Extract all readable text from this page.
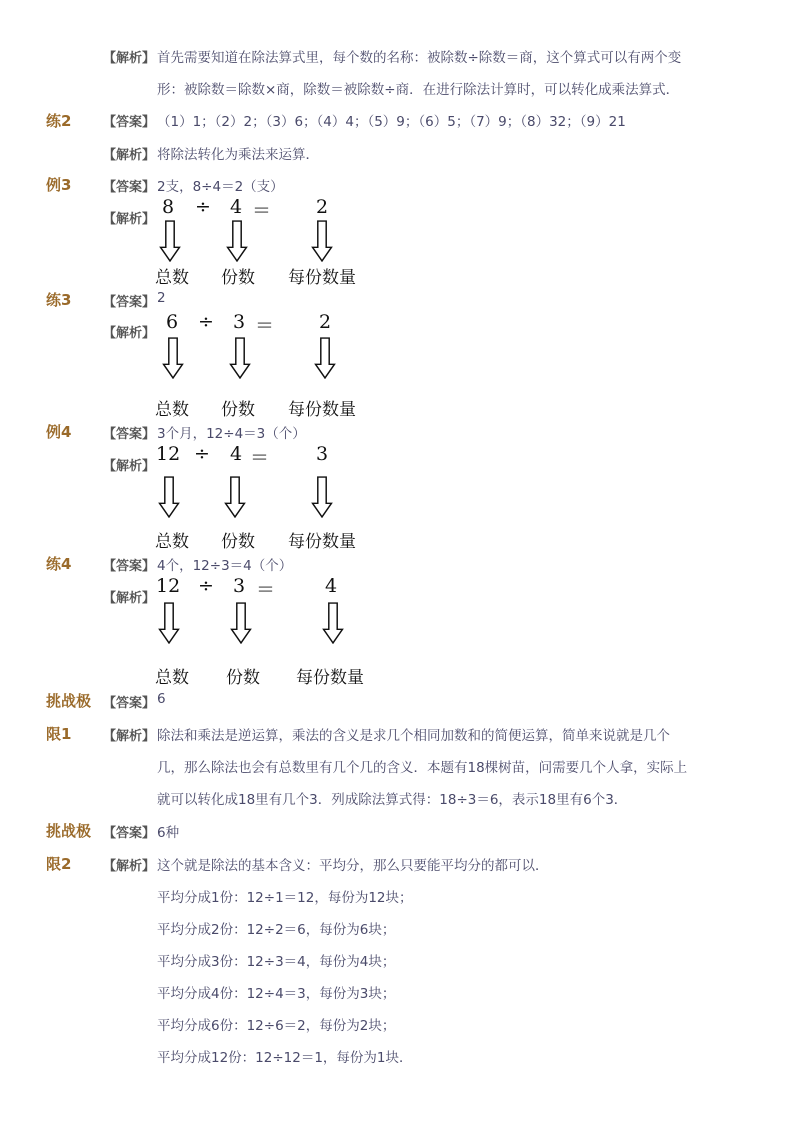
【解析】 首先需要知道在除法算式里，每个数的名称：被除数÷除数＝商，这个算式可以有两个变
形：被除数＝除数×商，除数＝被除数÷商．在进行除法计算时，可以转化成乘法算式．
练2 【答案】 （1）1；（2）2；（3）6；（4）4；（5）9；（6）5；（7）9；（8）32；（9）21
【解析】 将除法转化为乘法来运算．
例3 【答案】 2支，8÷4＝2（支）
【解析】
8 ÷ 4 ＝ 2
总数 份数 每份数量
练3 【答案】 2
【解析】
6 ÷ 3 ＝ 2
总数 份数 每份数量
例4 【答案】 3个月，12÷4＝3（个）
【解析】
12 ÷ 4 ＝ 3
总数 份数 每份数量
练4 【答案】 4个，12÷3＝4（个）
【解析】
12 ÷ 3 ＝	4
总数 份数 每份数量
挑战极 【答案】 6
限1 【解析】 除法和乘法是逆运算，乘法的含义是求几个相同加数和的简便运算，简单来说就是几个
几，那么除法也会有总数里有几个几的含义．本题有18棵树苗，问需要几个人拿，实际上
就可以转化成18里有几个3．列成除法算式得：18÷3＝6，表示18里有6个3．
挑战极 【答案】 6种
限2 【解析】 这个就是除法的基本含义：平均分，那么只要能平均分的都可以．
平均分成1份：12÷1＝12，每份为12块；
平均分成2份：12÷2＝6，每份为6块；
平均分成3份：12÷3＝4，每份为4块；
平均分成4份：12÷4＝3，每份为3块；
平均分成6份：12÷6＝2，每份为2块；
平均分成12份：12÷12＝1，每份为1块．
